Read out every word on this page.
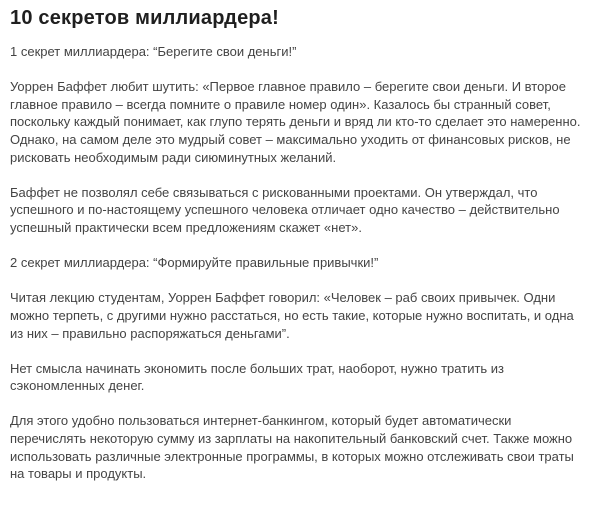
10 секретов миллиардера!

1 секрет миллиардера: “Берегите свои деньги!”

Уоррен Баффет любит шутить: «Первое главное правило – берегите свои деньги. И второе главное правило – всегда помните о правиле номер один». Казалось бы странный совет, поскольку каждый понимает, как глупо терять деньги и вряд ли кто-то сделает это намеренно. Однако, на самом деле это мудрый совет – максимально уходить от финансовых рисков, не рисковать необходимым ради сиюминутных желаний.

Баффет не позволял себе связываться с рискованными проектами. Он утверждал, что успешного и по-настоящему успешного человека отличает одно качество – действительно успешный практически всем предложениям скажет «нет».

2 секрет миллиардера: “Формируйте правильные привычки!”

Читая лекцию студентам, Уоррен Баффет говорил: «Человек – раб своих привычек. Одни можно терпеть, с другими нужно расстаться, но есть такие, которые нужно воспитать, и одна из них – правильно распоряжаться деньгами”.

Нет смысла начинать экономить после больших трат, наоборот, нужно тратить из сэкономленных денег.

Для этого удобно пользоваться интернет-банкингом, который будет автоматически перечислять некоторую сумму из зарплаты на накопительный банковский счет. Также можно использовать различные электронные программы, в которых можно отслеживать свои траты на товары и продукты.
